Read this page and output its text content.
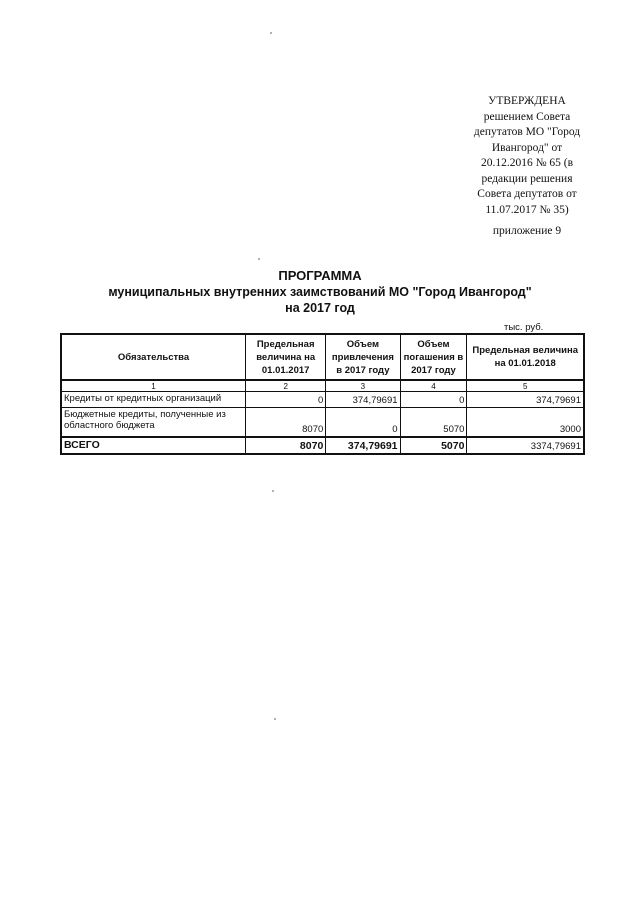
УТВЕРЖДЕНА
решением Совета
депутатов МО "Город
Ивангород" от
20.12.2016 № 65 (в
редакции решения
Совета депутатов от
11.07.2017 № 35)
приложение 9
ПРОГРАММА
муниципальных внутренних заимствований МО "Город Ивангород"
на 2017 год
тыс. руб.
Обязательства	Предельная величина на 01.01.2017	Объем привлечения в 2017 году	Объем погашения в 2017 году	Предельная величина на 01.01.2018
1	2	3	4	5
Кредиты от кредитных организаций	0	374,79691	0	374,79691
Бюджетные кредиты, полученные из областного бюджета	8070	0	5070	3000
ВСЕГО	8070	374,79691	5070	3374,79691
